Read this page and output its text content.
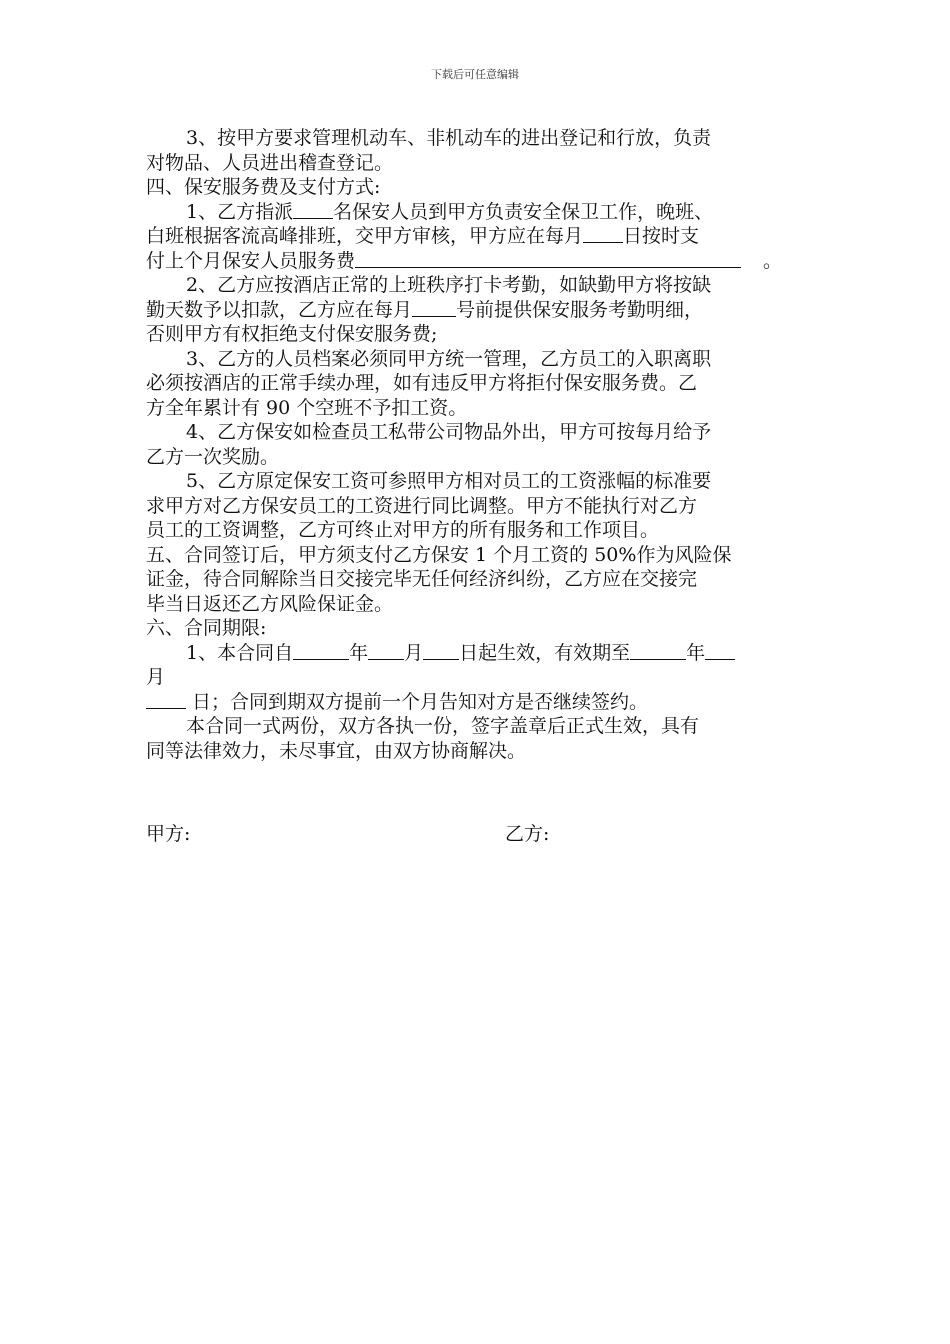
下载后可任意编辑
3、按甲方要求管理机动车、非机动车的进出登记和行放，负责
对物品、人员进出稽查登记。
四、保安服务费及支付方式:
1、乙方指派 名保安人员到甲方负责安全保卫工作，晚班、
白班根据客流高峰排班，交甲方审核，甲方应在每月 日按时支
付上个月保安人员服务费	。
2、乙方应按酒店正常的上班秩序打卡考勤，如缺勤甲方将按缺
勤天数予以扣款，乙方应在每月 号前提供保安服务考勤明细，
否则甲方有权拒绝支付保安服务费;
3、乙方的人员档案必须同甲方统一管理，乙方员工的入职离职
必须按酒店的正常手续办理，如有违反甲方将拒付保安服务费。乙
方全年累计有 90 个空班不予扣工资。
4、乙方保安如检查员工私带公司物品外出，甲方可按每月给予
乙方一次奖励。
5、乙方原定保安工资可参照甲方相对员工的工资涨幅的标准要
求甲方对乙方保安员工的工资进行同比调整。甲方不能执行对乙方
员工的工资调整，乙方可终止对甲方的所有服务和工作项目。
五、合同签订后，甲方须支付乙方保安 1 个月工资的 50%作为风险保
证金，待合同解除当日交接完毕无任何经济纠纷，乙方应在交接完
毕当日返还乙方风险保证金。
六、合同期限:
1、本合同自	年 月 日起生效，有效期至	年
月
日；合同到期双方提前一个月告知对方是否继续签约。
本合同一式两份，双方各执一份，签字盖章后正式生效，具有
同等法律效力，未尽事宜，由双方协商解决。
甲方:	乙方:
